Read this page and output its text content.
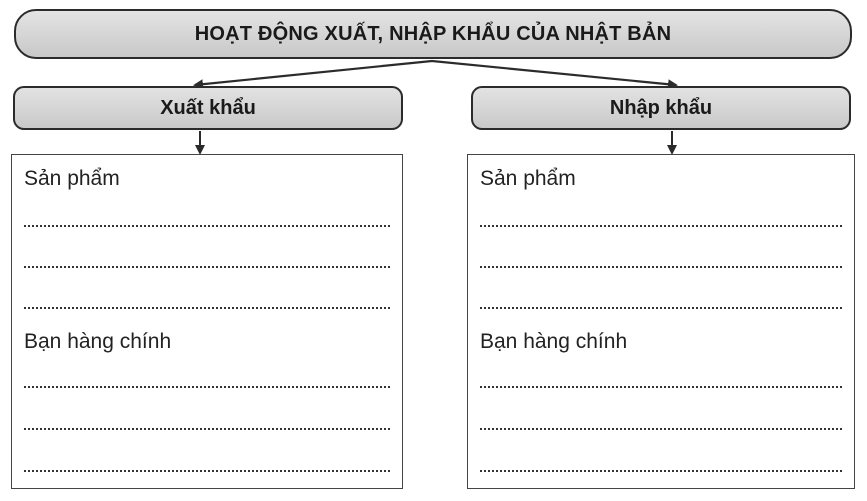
HOẠT ĐỘNG XUẤT, NHẬP KHẨU CỦA NHẬT BẢN
Xuất khẩu	Nhập khẩu
Sản phẩm
Bạn hàng chính
Sản phẩm
Bạn hàng chính
